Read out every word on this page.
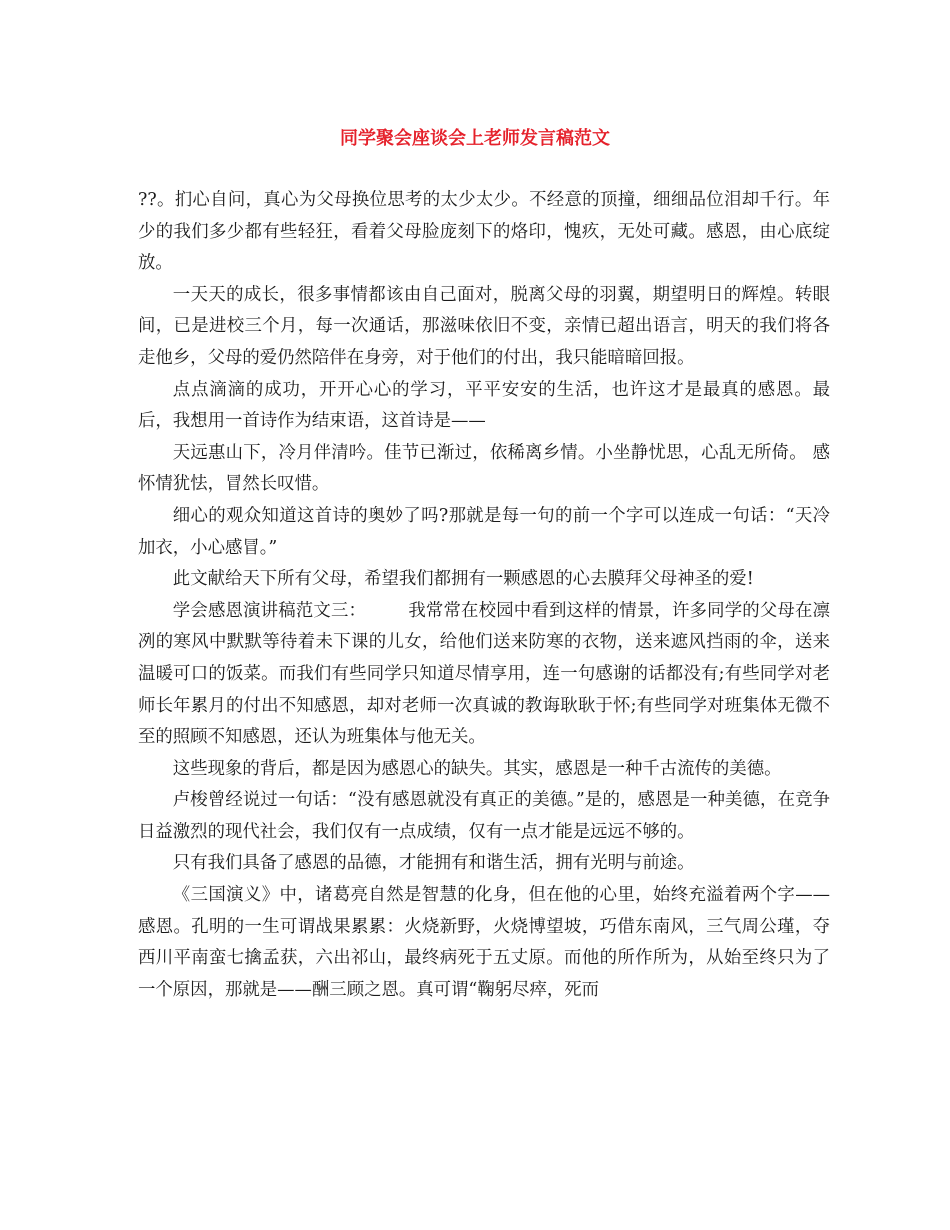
同学聚会座谈会上老师发言稿范文

??。扪心自问，真心为父母换位思考的太少太少。不经意的顶撞，细细品位泪却千行。年少的我们多少都有些轻狂，看着父母脸庞刻下的烙印，愧疚，无处可藏。感恩，由心底绽放。

一天天的成长，很多事情都该由自己面对，脱离父母的羽翼，期望明日的辉煌。转眼间，已是进校三个月，每一次通话，那滋味依旧不变，亲情已超出语言，明天的我们将各走他乡，父母的爱仍然陪伴在身旁，对于他们的付出，我只能暗暗回报。

点点滴滴的成功，开开心心的学习，平平安安的生活，也许这才是最真的感恩。最后，我想用一首诗作为结束语，这首诗是——

天远惠山下，冷月伴清吟。佳节已渐过，依稀离乡情。小坐静忧思，心乱无所倚。 感怀情犹怯，冒然长叹惜。

细心的观众知道这首诗的奥妙了吗?那就是每一句的前一个字可以连成一句话：“天冷加衣，小心感冒。”

此文献给天下所有父母，希望我们都拥有一颗感恩的心去膜拜父母神圣的爱!

学会感恩演讲稿范文三： 我常常在校园中看到这样的情景，许多同学的父母在凛冽的寒风中默默等待着未下课的儿女，给他们送来防寒的衣物，送来遮风挡雨的伞，送来温暖可口的饭菜。而我们有些同学只知道尽情享用，连一句感谢的话都没有;有些同学对老师长年累月的付出不知感恩，却对老师一次真诚的教诲耿耿于怀;有些同学对班集体无微不至的照顾不知感恩，还认为班集体与他无关。

这些现象的背后，都是因为感恩心的缺失。其实，感恩是一种千古流传的美德。

卢梭曾经说过一句话：“没有感恩就没有真正的美德。”是的，感恩是一种美德，在竞争日益激烈的现代社会，我们仅有一点成绩，仅有一点才能是远远不够的。

只有我们具备了感恩的品德，才能拥有和谐生活，拥有光明与前途。

《三国演义》中，诸葛亮自然是智慧的化身，但在他的心里，始终充溢着两个字——感恩。孔明的一生可谓战果累累：火烧新野，火烧博望坡，巧借东南风，三气周公瑾，夺西川平南蛮七擒孟获，六出祁山，最终病死于五丈原。而他的所作所为，从始至终只为了一个原因，那就是——酬三顾之恩。真可谓“鞠躬尽瘁，死而
